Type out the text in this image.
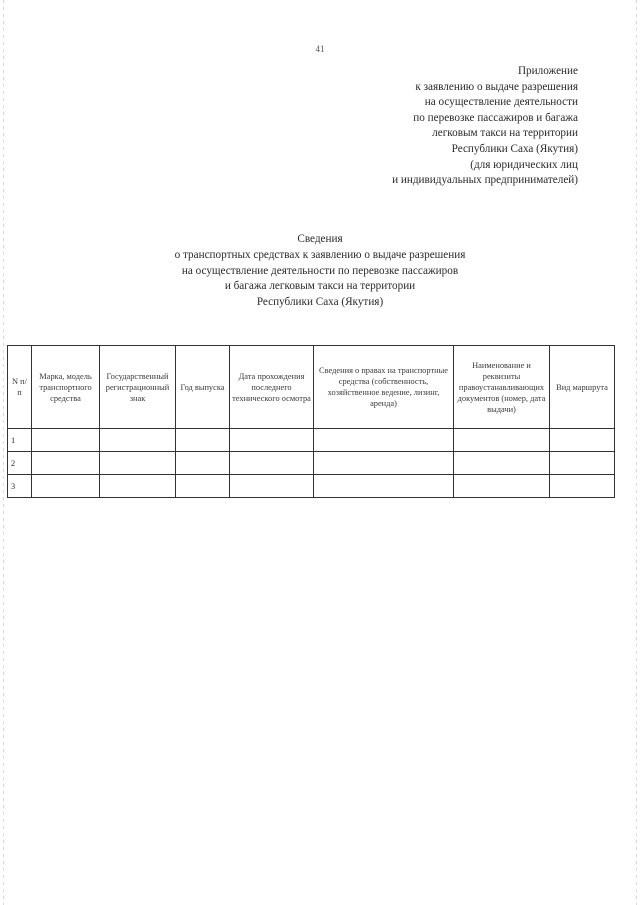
41
Приложение
к заявлению о выдаче разрешения
на осуществление деятельности
по перевозке пассажиров и багажа
легковым такси на территории
Республики Саха (Якутия)
(для юридических лиц
и индивидуальных предпринимателей)
Сведения
о транспортных средствах к заявлению о выдаче разрешения
на осуществление деятельности по перевозке пассажиров
и багажа легковым такси на территории
Республики Саха (Якутия)
N п/п	Марка, модель транспортного средства	Государственный регистрационный знак	Год выпуска	Дата прохождения последнего технического осмотра	Сведения о правах на транспортные средства (собственность, хозяйственное ведение, лизинг, аренда)	Наименование и реквизиты правоустанавливающих документов (номер, дата выдачи)	Вид маршрута
1							
2							
3							
